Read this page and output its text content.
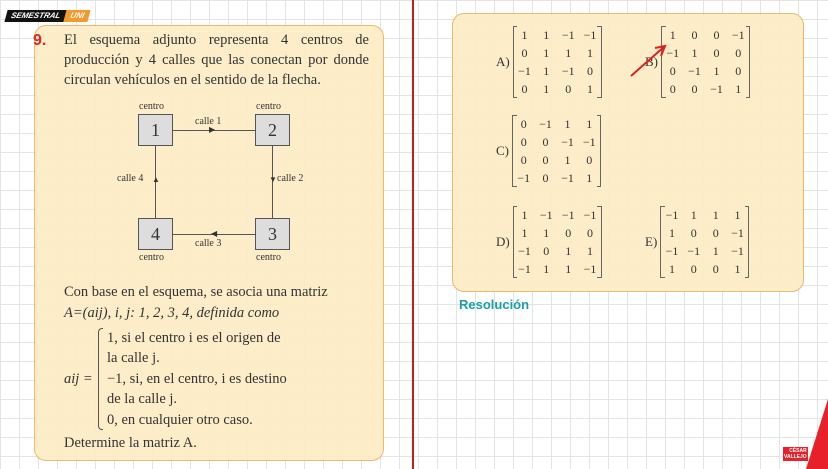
SEMESTRAL UNI
9. El esquema adjunto representa 4 centros de producción y 4 calles que las conectan por donde circulan vehículos en el sentido de la flecha.
centro	centro
centro	centro
▶
▼
◀
▲
1	2
3
4
calle 1
calle 2
calle 3
calle 4
Con base en el esquema, se asocia una matriz
A=(aij), i, j: 1, 2, 3, 4, definida como
aij =
1, si el centro i es el origen de
la calle j.
−1, si, en el centro, i es destino
de la calle j.
0, en cualquier otro caso.
Determine la matriz A.
A)
1	1	−1	−1
0	1	1	1
−1	1	−1	0
0	1	0	1

B)
1	0	0	−1
−1	1	0	0
0	−1	1	0
0	0	−1	1

C)
0	−1	1	1
0	0	−1	−1
0	0	1	0
−1	0	−1	1

D)
1	−1	−1	−1
1	1	0	0
−1	0	1	1
−1	1	1	−1

E)
−1	1	1	1
1	0	0	−1
−1	−1	1	−1
1	0	0	1

Resolución
CÉSAR
VALLEJO
